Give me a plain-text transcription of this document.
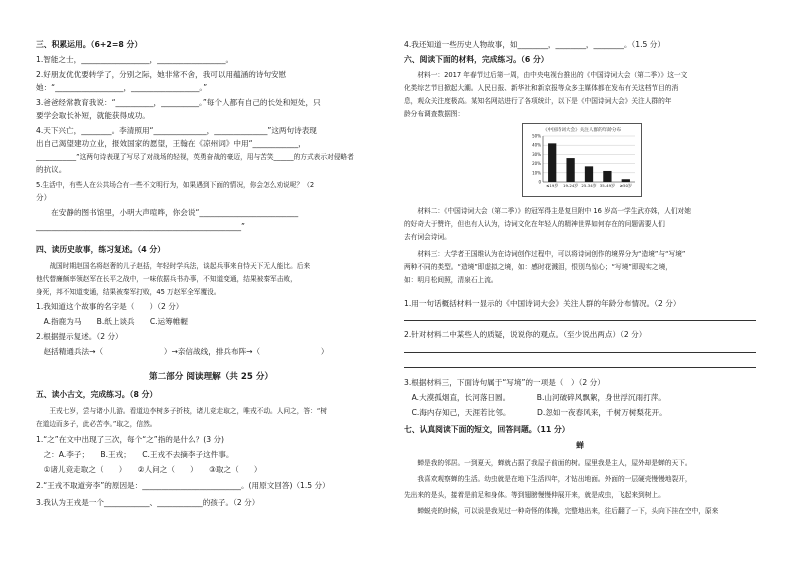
三、积累运用。（6+2=8 分）
1.智能之士，__________________，__________________。
2.好朋友优优要转学了，分别之际，她非常不舍，我可以用蕴涵的诗句安慰
她：“__________________，__________________。”
3.爸爸经常教育我说：“__________，__________。”每个人都有自己的长处和短处，只
要学会取长补短，就能获得成功。
4.天下兴亡，________。李清照用“______________，______________”这两句诗表现
出自己渴望建功立业，报效国家的愿望，王翰在《凉州词》中用“____________，
____________”这两句诗表现了写尽了对战场的轻视，英勇奋战的豪迈，用与苦笑______的方式表示对侵略者
的抗议。
5.生活中，有些人在公共场合有一些不文明行为，如果遇到下面的情况，你会怎么劝说呢？（2
分）
　　在安静的图书馆里，小明大声喧哗，你会说“__________________________
______________________________________________________”
四、读历史故事，练习复述。（4 分）
　　战国时期赵国名将赵奢的儿子赵括，年轻时学兵法，谈起兵事来自恃天下无人能比。后来
他代替廉颇率领赵军在长平之战中，一味依据兵书办事，不知道变通，结果被秦军击败，
身死，邦不知道变通，结果被秦军打败，45 万赵军全军覆没。
1.我知道这个故事的名字是（　　）（2 分）
　A.指鹿为马　　B.纸上谈兵　　C.运筹帷幄
2.根据提示复述。（2 分）
　赵括精通兵法→（　　　　　　　　）→亲信战线，排兵布阵→（　　　　　　　　）
第二部分 阅读理解（共 25 分）
五、读小古文，完成练习。（8 分）
　　王戎七岁，尝与诸小儿游。看道边李树多子折枝，诸儿竞走取之，唯戎不动。人问之，答：“树
在道边而多子，此必苦李。”取之，信然。
1.“之”在文中出现了三次，每个“之”指的是什么？(3 分)
　之：A.李子；　　B.王戎；　　C.王戎不去摘李子这件事。
　①诸儿竞走取之（　　）　　②人问之（　　）　　③取之（　　）
2.“王戎不取道旁李”的原因是：__________________________。(用原文回答)（1.5 分）
3.我认为王戎是一个____________、____________的孩子。（2 分）
4.我还知道一些历史人物故事，如________，________，________。（1.5 分）
六、阅读下面的材料，完成练习。（6 分）
　　材料一：2017 年春节过后第一周，由中央电视台推出的《中国诗词大会（第二季）》这一文
化类综艺节目掀起大潮。人民日报、新华社和新京报等众多主媒体都在发布有关这档节目的消
息，观众关注度极高。某知名网站进行了各项统计，以下是《中国诗词大会》关注人群的年
龄分布调查数据图：
《中国诗词大会》关注人群的年龄分布
50%
40%
30%
20%
10%
0
≤19岁 19-24岁 25-34岁 35-49岁 ≥50岁
　　材料二：《中国诗词大会（第二季）》的冠军得主是复旦附中 16 岁高一学生武亦姝，人们对她
的好奇大于赞许，但也有人认为，诗词文化在年轻人的精神世界如何存在的问题需要人们
去有词会诗词。
　　材料三：大学者王国维认为在诗词创作过程中，可以将诗词创作的境界分为“造境”与“写境”
两种不同的类型。“造境”即虚拟之境，如：感时花溅泪，恨别鸟惊心；“写境”即现实之境，
如：明月松间照，清泉石上流。
1.用一句话概括材料一显示的《中国诗词大会》关注人群的年龄分布情况。（2 分）
2.针对材料二中某些人的质疑，说说你的观点。（至少说出两点）（2 分）
3.根据材料三，下面诗句属于“写境”的一项是（　）（2 分）
　A.大漠孤烟直，长河落日圆。　　　　B.山河破碎风飘絮，身世浮沉雨打萍。
　C.海内存知己，天涯若比邻。　　　　D.忽如一夜春风来，千树万树梨花开。
七、认真阅读下面的短文，回答问题。（11 分）
蝉
　　蝉是我的邻居。一到夏天，蝉就占据了我屋子前面的树。屋里我是主人，屋外却是蝉的天下。
　　我喜欢观察蝉的生活。幼虫就是在地下生活四年，才钻出地面。外面的一层硬壳慢慢地裂开，
先出来的是头，接着是前足和身体。等到翅膀慢慢伸展开来，就是成虫，飞起来到树上。
　　蝉蜕壳的时候，可以说是我见过一种奇怪的体操，完整地出来，往后翻了一下，头向下挂在空中，原来
